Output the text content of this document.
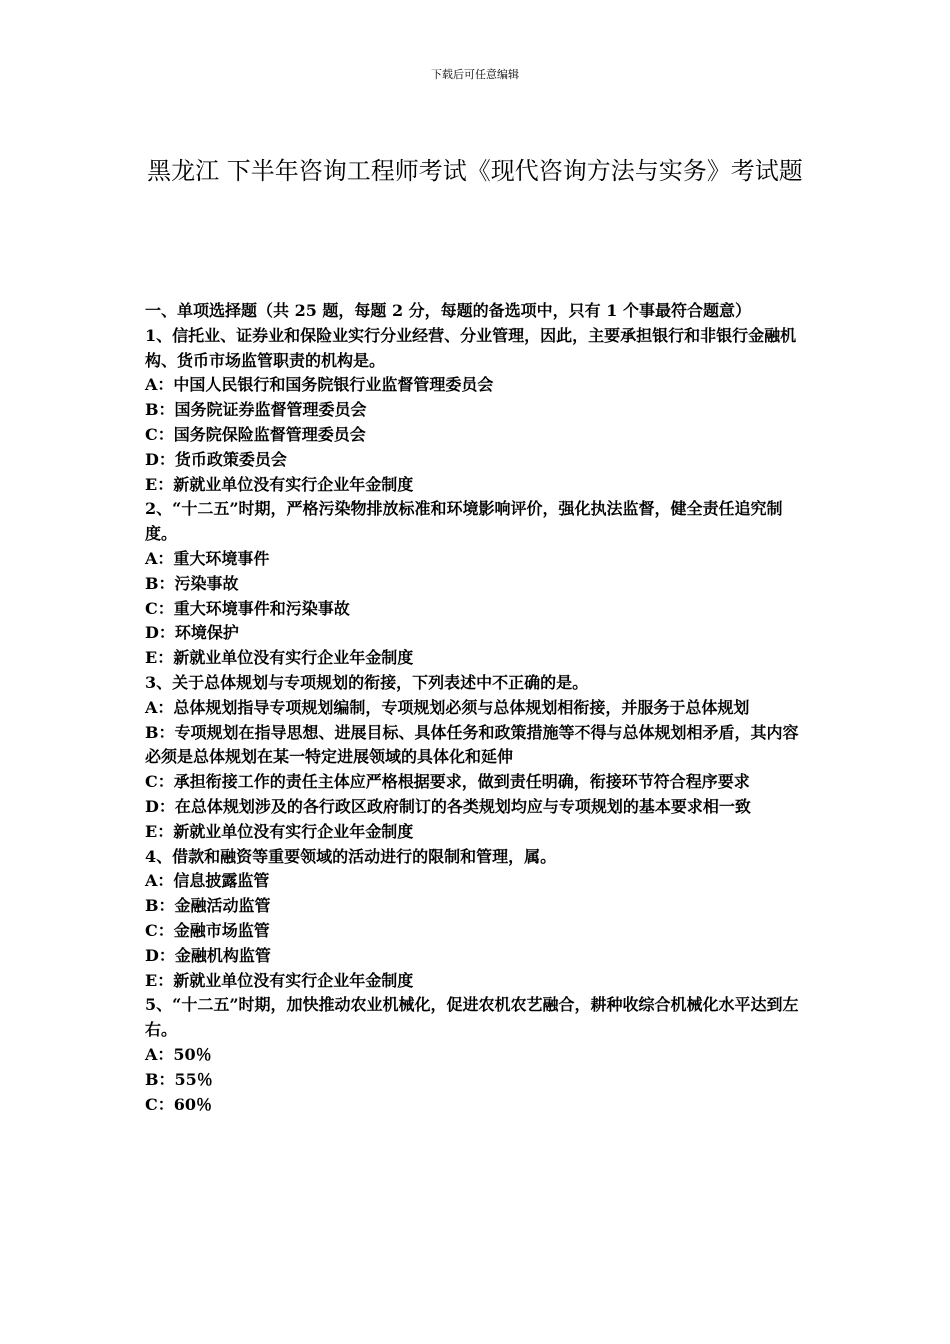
下载后可任意编辑
黑龙江 下半年咨询工程师考试《现代咨询方法与实务》考试题

一、单项选择题（共 25 题，每题 2 分，每题的备选项中，只有 1 个事最符合题意）

1、信托业、证券业和保险业实行分业经营、分业管理，因此，主要承担银行和非银行金融机构、货币市场监管职责的机构是。

A：中国人民银行和国务院银行业监督管理委员会

B：国务院证券监督管理委员会

C：国务院保险监督管理委员会

D：货币政策委员会

E：新就业单位没有实行企业年金制度

2、“十二五”时期，严格污染物排放标准和环境影响评价，强化执法监督，健全责任追究制度。

A：重大环境事件

B：污染事故

C：重大环境事件和污染事故

D：环境保护

E：新就业单位没有实行企业年金制度

3、关于总体规划与专项规划的衔接，下列表述中不正确的是。

A：总体规划指导专项规划编制，专项规划必须与总体规划相衔接，并服务于总体规划

B：专项规划在指导思想、进展目标、具体任务和政策措施等不得与总体规划相矛盾，其内容必须是总体规划在某一特定进展领域的具体化和延伸

C：承担衔接工作的责任主体应严格根据要求，做到责任明确，衔接环节符合程序要求

D：在总体规划涉及的各行政区政府制订的各类规划均应与专项规划的基本要求相一致

E：新就业单位没有实行企业年金制度

4、借款和融资等重要领域的活动进行的限制和管理，属。

A：信息披露监管

B：金融活动监管

C：金融市场监管

D：金融机构监管

E：新就业单位没有实行企业年金制度

5、“十二五”时期，加快推动农业机械化，促进农机农艺融合，耕种收综合机械化水平达到左右。

A：50％

B：55％

C：60％
